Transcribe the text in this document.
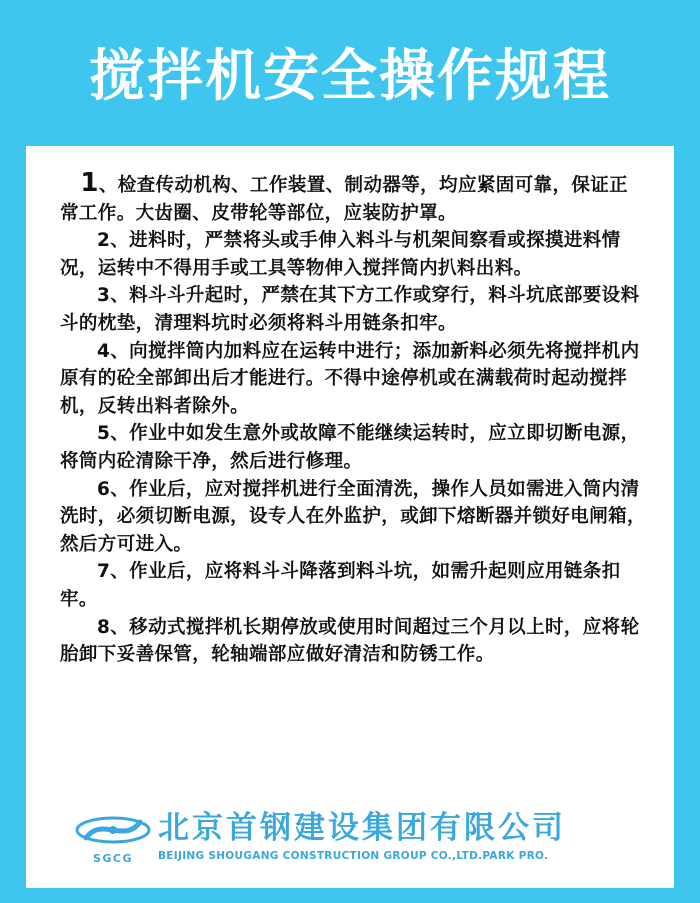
搅拌机安全操作规程

1、检查传动机构、工作装置、制动器等，均应紧固可靠，保证正常工作。大齿圈、皮带轮等部位，应装防护罩。

2、进料时，严禁将头或手伸入料斗与机架间察看或探摸进料情况，运转中不得用手或工具等物伸入搅拌筒内扒料出料。

3、料斗斗升起时，严禁在其下方工作或穿行，料斗坑底部要设料斗的枕垫，清理料坑时必须将料斗用链条扣牢。

4、向搅拌筒内加料应在运转中进行；添加新料必须先将搅拌机内原有的砼全部卸出后才能进行。不得中途停机或在满载荷时起动搅拌机，反转出料者除外。

5、作业中如发生意外或故障不能继续运转时，应立即切断电源，将筒内砼清除干净，然后进行修理。

6、作业后，应对搅拌机进行全面清洗，操作人员如需进入筒内清洗时，必须切断电源，设专人在外监护，或卸下熔断器并锁好电闸箱，然后方可进入。

7、作业后，应将料斗斗降落到料斗坑，如需升起则应用链条扣牢。

8、移动式搅拌机长期停放或使用时间超过三个月以上时，应将轮胎卸下妥善保管，轮轴端部应做好清洁和防锈工作。

SGCG
北京首钢建设集团有限公司
BEIJING SHOUGANG CONSTRUCTION GROUP CO.,LTD.PARK PRO.
